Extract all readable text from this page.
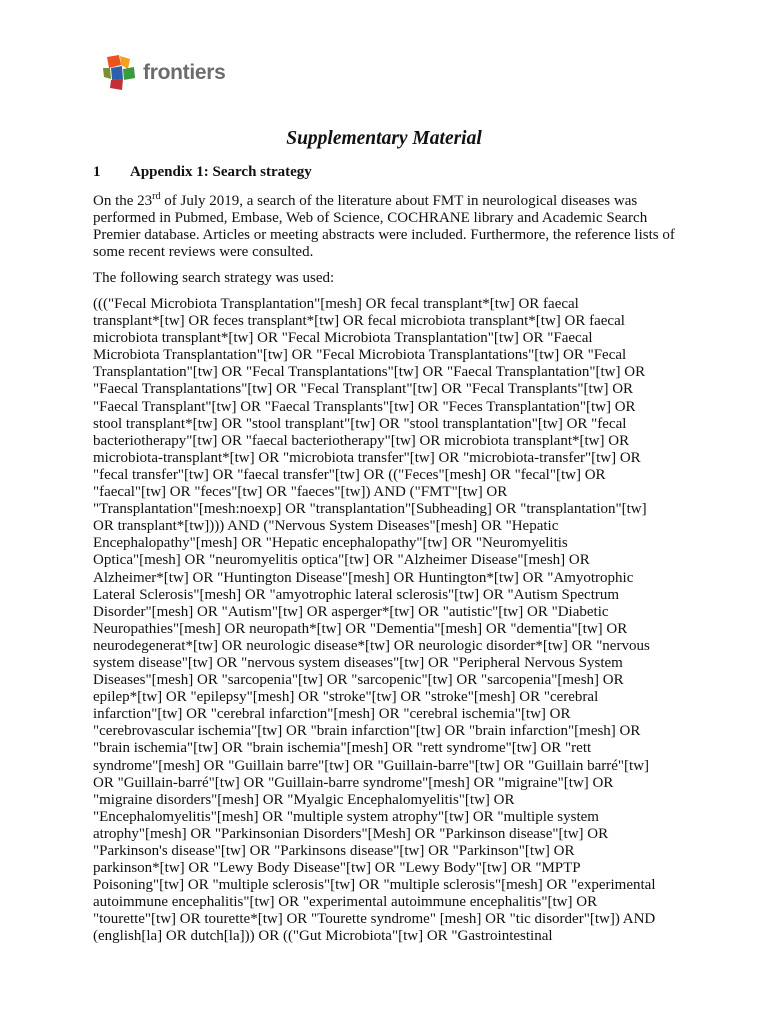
frontiers
Supplementary Material
1 Appendix 1: Search strategy

On the 23rd of July 2019, a search of the literature about FMT in neurological diseases was performed in Pubmed, Embase, Web of Science, COCHRANE library and Academic Search Premier database. Articles or meeting abstracts were included. Furthermore, the reference lists of some recent reviews were consulted.

The following search strategy was used:

((("Fecal Microbiota Transplantation"[mesh] OR fecal transplant*[tw] OR faecal
transplant*[tw] OR feces transplant*[tw] OR fecal microbiota transplant*[tw] OR faecal
microbiota transplant*[tw] OR "Fecal Microbiota Transplantation"[tw] OR "Faecal
Microbiota Transplantation"[tw] OR "Fecal Microbiota Transplantations"[tw] OR "Fecal
Transplantation"[tw] OR "Fecal Transplantations"[tw] OR "Faecal Transplantation"[tw] OR
"Faecal Transplantations"[tw] OR "Fecal Transplant"[tw] OR "Fecal Transplants"[tw] OR
"Faecal Transplant"[tw] OR "Faecal Transplants"[tw] OR "Feces Transplantation"[tw] OR
stool transplant*[tw] OR "stool transplant"[tw] OR "stool transplantation"[tw] OR "fecal
bacteriotherapy"[tw] OR "faecal bacteriotherapy"[tw] OR microbiota transplant*[tw] OR
microbiota-transplant*[tw] OR "microbiota transfer"[tw] OR "microbiota-transfer"[tw] OR
"fecal transfer"[tw] OR "faecal transfer"[tw] OR (("Feces"[mesh] OR "fecal"[tw] OR
"faecal"[tw] OR "feces"[tw] OR "faeces"[tw]) AND ("FMT"[tw] OR
"Transplantation"[mesh:noexp] OR "transplantation"[Subheading] OR "transplantation"[tw]
OR transplant*[tw]))) AND ("Nervous System Diseases"[mesh] OR "Hepatic
Encephalopathy"[mesh] OR "Hepatic encephalopathy"[tw] OR "Neuromyelitis
Optica"[mesh] OR "neuromyelitis optica"[tw] OR "Alzheimer Disease"[mesh] OR
Alzheimer*[tw] OR "Huntington Disease"[mesh] OR Huntington*[tw] OR "Amyotrophic
Lateral Sclerosis"[mesh] OR "amyotrophic lateral sclerosis"[tw] OR "Autism Spectrum
Disorder"[mesh] OR "Autism"[tw] OR asperger*[tw] OR "autistic"[tw] OR "Diabetic
Neuropathies"[mesh] OR neuropath*[tw] OR "Dementia"[mesh] OR "dementia"[tw] OR
neurodegenerat*[tw] OR neurologic disease*[tw] OR neurologic disorder*[tw] OR "nervous
system disease"[tw] OR "nervous system diseases"[tw] OR "Peripheral Nervous System
Diseases"[mesh] OR "sarcopenia"[tw] OR "sarcopenic"[tw] OR "sarcopenia"[mesh] OR
epilep*[tw] OR "epilepsy"[mesh] OR "stroke"[tw] OR "stroke"[mesh] OR "cerebral
infarction"[tw] OR "cerebral infarction"[mesh] OR "cerebral ischemia"[tw] OR
"cerebrovascular ischemia"[tw] OR "brain infarction"[tw] OR "brain infarction"[mesh] OR
"brain ischemia"[tw] OR "brain ischemia"[mesh] OR "rett syndrome"[tw] OR "rett
syndrome"[mesh] OR "Guillain barre"[tw] OR "Guillain-barre"[tw] OR "Guillain barré"[tw]
OR "Guillain-barré"[tw] OR "Guillain-barre syndrome"[mesh] OR "migraine"[tw] OR
"migraine disorders"[mesh] OR "Myalgic Encephalomyelitis"[tw] OR
"Encephalomyelitis"[mesh] OR "multiple system atrophy"[tw] OR "multiple system
atrophy"[mesh] OR "Parkinsonian Disorders"[Mesh] OR "Parkinson disease"[tw] OR
"Parkinson's disease"[tw] OR "Parkinsons disease"[tw] OR "Parkinson"[tw] OR
parkinson*[tw] OR "Lewy Body Disease"[tw] OR "Lewy Body"[tw] OR "MPTP
Poisoning"[tw] OR "multiple sclerosis"[tw] OR "multiple sclerosis"[mesh] OR "experimental
autoimmune encephalitis"[tw] OR "experimental autoimmune encephalitis"[tw] OR
"tourette"[tw] OR tourette*[tw] OR "Tourette syndrome" [mesh] OR "tic disorder"[tw]) AND
(english[la] OR dutch[la])) OR (("Gut Microbiota"[tw] OR "Gastrointestinal
